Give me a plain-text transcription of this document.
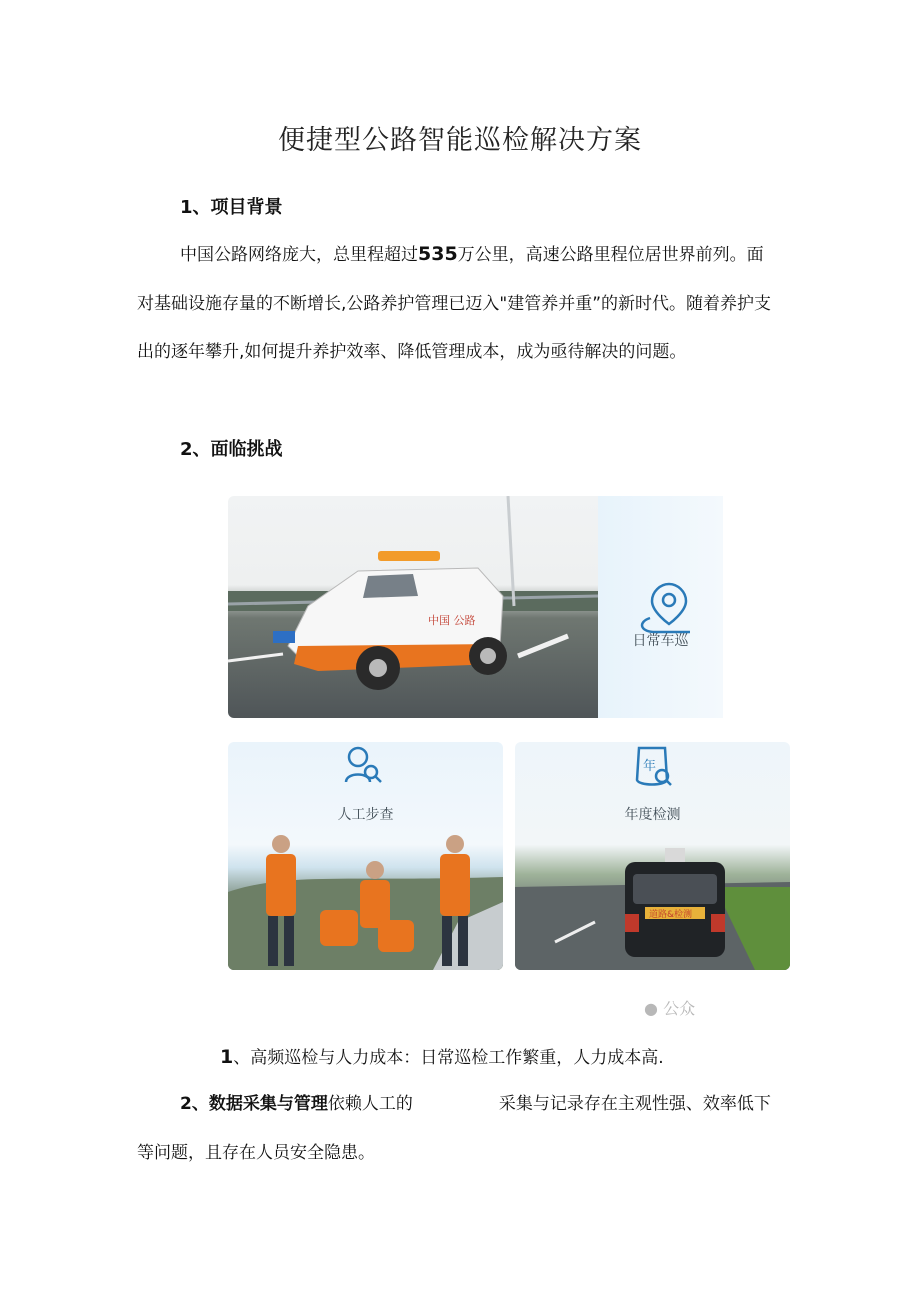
便捷型公路智能巡检解决方案
1、项目背景

中国公路网络庞大，总里程超过535万公里，高速公路里程位居世界前列。面对基础设施存量的不断增长,公路养护管理已迈入"建管养并重”的新时代。随着养护支出的逐年攀升,如何提升养护效率、降低管理成本，成为亟待解决的问题。

2、面临挑战
中国 公路
日常车巡
人工步查
年
道路&检测
年度检测
● 公众
1、高频巡检与人力成本：日常巡检工作繁重，人力成本高.

2、数据采集与管理依赖人工的	采集与记录存在主观性强、效率低下等问题，且存在人员安全隐患。
